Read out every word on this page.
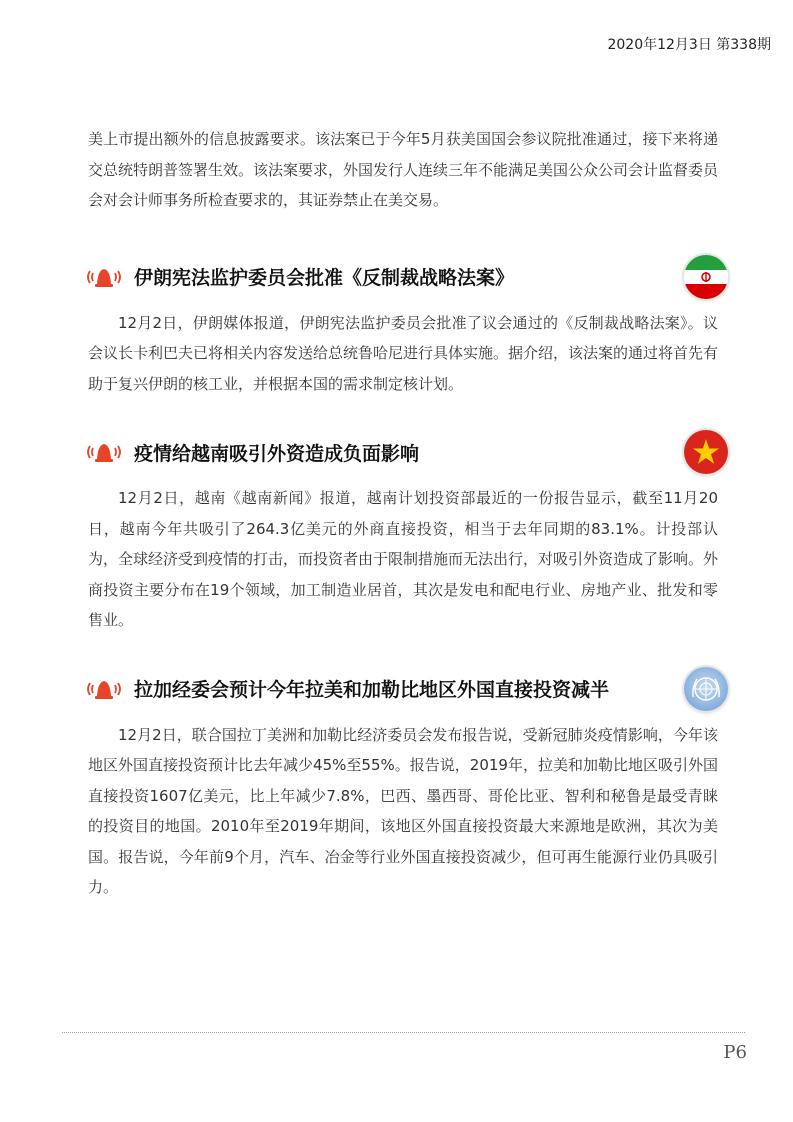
2020年12月3日 第338期

美上市提出额外的信息披露要求。该法案已于今年5月获美国国会参议院批准通过，接下来将递交总统特朗普签署生效。该法案要求，外国发行人连续三年不能满足美国公众公司会计监督委员会对会计师事务所检查要求的，其证券禁止在美交易。

伊朗宪法监护委员会批准《反制裁战略法案》

12月2日，伊朗媒体报道，伊朗宪法监护委员会批准了议会通过的《反制裁战略法案》。议会议长卡利巴夫已将相关内容发送给总统鲁哈尼进行具体实施。据介绍，该法案的通过将首先有助于复兴伊朗的核工业，并根据本国的需求制定核计划。

疫情给越南吸引外资造成负面影响

12月2日，越南《越南新闻》报道，越南计划投资部最近的一份报告显示，截至11月20日，越南今年共吸引了264.3亿美元的外商直接投资，相当于去年同期的83.1%。计投部认为，全球经济受到疫情的打击，而投资者由于限制措施而无法出行，对吸引外资造成了影响。外商投资主要分布在19个领域，加工制造业居首，其次是发电和配电行业、房地产业、批发和零售业。

拉加经委会预计今年拉美和加勒比地区外国直接投资减半

12月2日，联合国拉丁美洲和加勒比经济委员会发布报告说，受新冠肺炎疫情影响，今年该地区外国直接投资预计比去年减少45%至55%。报告说，2019年，拉美和加勒比地区吸引外国直接投资1607亿美元，比上年减少7.8%，巴西、墨西哥、哥伦比亚、智利和秘鲁是最受青睐的投资目的地国。2010年至2019年期间，该地区外国直接投资最大来源地是欧洲，其次为美国。报告说，今年前9个月，汽车、冶金等行业外国直接投资减少，但可再生能源行业仍具吸引力。

P6
